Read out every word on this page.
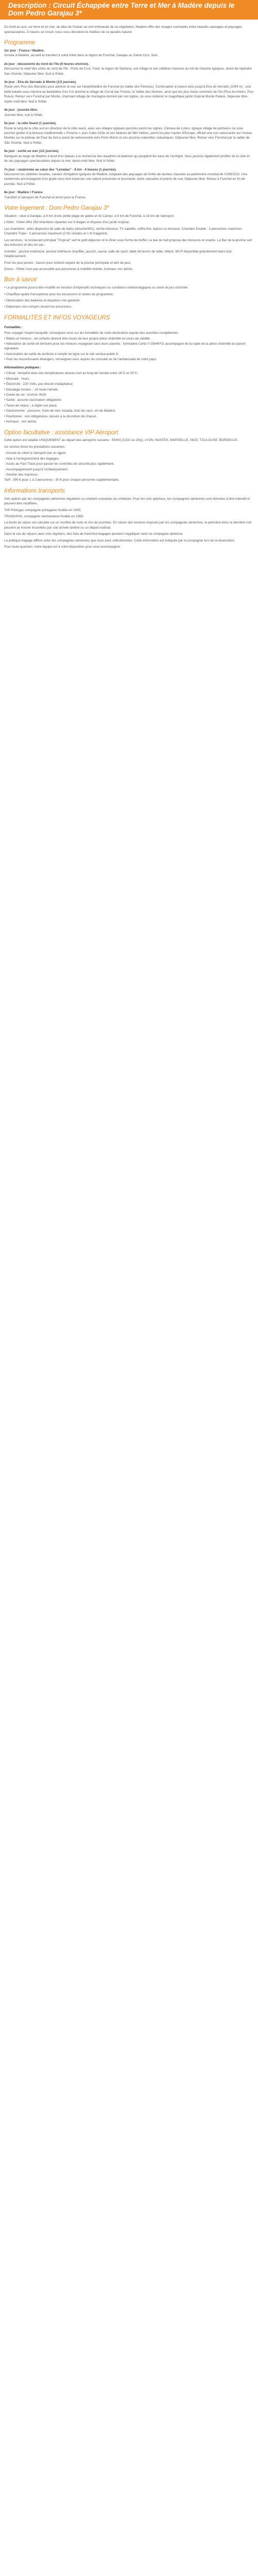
Description : Circuit Échappée entre Terre et Mer à Madère depuis le Dom Pedro Garajau 3*

Du nord au sud, sur terre et en mer, du bleu de l'océan au vert émeraude de sa végétation, Madère offre des visages contrastés entre beautés sauvages et paysages spectaculaires. À travers ce circuit, nous vous dévoilons le meilleur de ce paradis naturel.

Programme
1er jour : France / Madère.

Arrivée à Madère, accueil et transfert à votre hôtel dans la région de Funchal, Garajau ou Santa Cruz. Nuit.

2e jour : découverte du nord de l'île (6 heures environ).

Découvrez le relief des côtes du nord de l'île : Porto da Cruz, Faial, la région de Santana, son village et ses célèbres maisons au toit de chaume typiques, avant de rejoindre Sao Vicente. Déjeuner libre. Nuit à l'hôtel.

3e jour : Eira do Serrado & Monte (1/2 journée).

Route vers Pico dos Barcelos pour admirer la vue sur l'amphithéâtre de Funchal (la Vallée des Pereiras). Continuation à travers bois jusqu'à Eira do Serrado (1094 m) : une belle balade vous mènera au belvédère d'où l'on domine le village de Curral das Freiras, la Vallée des Nonnes, ainsi que les plus hauts sommets de l'île (Pico do Arieiro, Pico Ruivo). Retour vers Funchal par Monte, charmant village de montagne dominé par son église, où vous visiterez le magnifique jardin tropical Monte Palace. Déjeuner libre. Après-midi libre. Nuit à l'hôtel.

4e jour : journée libre.

Journée libre, nuit à l'hôtel.

5e jour : la côte Ouest (1 journée).

Route le long de la côte sud en direction de la côte ouest, avec ses villages typiques perchés parmi les vignes. Câmara de Lobos, typique village de pêcheurs où vous pourrez goûter à la boisson traditionnelle « Poncha », puis Cabo Girão et ses falaises de 580 mètres, parmi les plus hautes d'Europe, offrant une vue saisissante sur l'océan. Montée sur le plateau de Paul da Serra avant de redescendre vers Porto Moniz et ses piscines naturelles volcaniques. Déjeuner libre. Retour vers Funchal par la vallée de São Vicente. Nuit à l'hôtel.

6e jour : sortie en mer (1/2 journée).

Naviguez au large de Madère à bord d'un bateau à la recherche des dauphins et baleines qui peuplent les eaux de l'archipel. Vous pourrez également profiter de la côte et de ses paysages spectaculaires depuis la mer. Après-midi libre. Nuit à l'hôtel.

7e jour : randonnée au cœur des "Levadas" - 8 km - 4 heures (1 journée).

Découvrez les célèbres levadas, canaux d'irrigation typiques de Madère, longeant des paysages de forêts de lauriers classées au patrimoine mondial de l'UNESCO. Une randonnée accompagnée d'un guide vous fera traverser une nature préservée et luxuriante, entre cascades et points de vue. Déjeuner libre. Retour à Funchal en fin de journée. Nuit à l'hôtel.

8e jour : Madère / France.

Transfert à l'aéroport de Funchal et envol pour la France.

Votre logement : Dom Pedro Garajau 3*

Situation : situé à Garajau, à 8 km d'une petite plage de galets et de Caniço, à 8 km de Funchal, à 19 km de l'aéroport.

L'hôtel : l'hôtel offre 263 chambres réparties sur 8 étages et dispose d'un jardin tropical.

Les chambres : elles disposent de salle de bains (douche/WC), sèche-cheveux, TV satellite, coffre-fort, balcon ou terrasse. Chambre Double : 2 personnes maximum. Chambre Triple : 3 personnes maximum (2 lits simples et 1 lit d'appoint).

Les services : le restaurant principal "Tropical" sert le petit déjeuner et le dîner sous forme de buffet. Le bar du hall propose des boissons et snacks. Le Bar de la piscine sert des boissons et des en-cas.

Activités : piscine extérieure, piscine intérieure chauffée, jacuzzi, sauna, salle de sport, table de tennis de table, billard. Wi-Fi disponible gratuitement dans tout l'établissement.

Pour les plus jeunes : bassin pour enfants séparé de la piscine principale et aire de jeux.

Divers : l'hôtel n'est pas accessible aux personnes à mobilité réduite. Animaux non admis.

Bon à savoir

• Le programme pourra être modifié en fonction d'impératifs techniques ou conditions météorologiques ou selon le jour d'arrivée.

• Chauffeur-guide francophone pour les excursions et visites du programme.

• Observation des baleines et dauphins non garantie.

• Déjeuners non compris durant les excursions.

FORMALITÉS ET INFOS VOYAGEURS
Formalités :

Pour voyager l'esprit tranquille, renseignez-vous sur les formalités de votre destination auprès des autorités compétentes.

• Bébés et mineurs : les enfants doivent être munis de leur propre pièce d'identité en cours de validité.

• Attestation de sortie de territoire pour les mineurs voyageant sans leurs parents : formulaire Cerfa n°15646*01 accompagné de la copie de la pièce d'identité du parent signataire.

• Autorisation de sortie du territoire à remplir en ligne sur le site service-public.fr.

• Pour les ressortissants étrangers, renseignez-vous auprès du consulat ou de l'ambassade de votre pays.

Informations pratiques :

• Climat : tempéré avec des températures douces tout au long de l'année entre 18°C et 25°C.

• Monnaie : l'euro.

• Électricité : 220 Volts, pas besoin d'adaptateur.

• Décalage horaire : -1h toute l'année.

• Durée de vol : environ 3h30.

• Santé : aucune vaccination obligatoire.

• Taxes de séjour : à régler sur place.

• Gastronomie : poissons, fruits de mer, espada, bolo do caco, vin de Madère.

• Pourboires : non obligatoires, laissés à la discrétion de chacun.

• Animaux : non admis.

Option facultative : assistance VIP Aéroport

Cette option est valable UNIQUEMENT au départ des aéroports suivants : PARIS (CDG ou Orly), LYON, NANTES, MARSEILLE, NICE, TOULOUSE, BORDEAUX.

Ce service inclut les prestations suivantes :

- Accueil du client à l'aéroport par un agent.

- Aide à l'enregistrement des bagages.

- Accès au Fast Track pour passer les contrôles de sécurité plus rapidement.

- Accompagnement jusqu'à l'embarquement.

- Gestion des imprévus.

Tarif : 390 € pour 1 à 2 personnes - 50 € pour chaque personne supplémentaire.

Informations transports

Vols opérés par les compagnies aériennes régulières ou charters suivantes ou similaires. Pour les vols spéciaux, les compagnies aériennes sont données à titre indicatif et peuvent être modifiées.

TAP Portugal, compagnie portugaise fondée en 1945.

TRANSAVIA, compagnie néerlandaise fondée en 1965.

La durée du séjour est calculée sur un nombre de nuits et non de journées. En raison des horaires imposés par les compagnies aériennes, la première et/ou la dernière nuit peuvent se trouver écourtées par une arrivée tardive ou un départ matinal.

Dans le cas de séjours avec vols réguliers, des frais de franchise bagages peuvent s'appliquer selon la compagnie aérienne.

La politique bagage diffère selon les compagnies aériennes que vous avez sélectionnées. Cette information est indiquée par la compagnie lors de la réservation.

Pour toute question, notre équipe est à votre disposition pour vous accompagner.
